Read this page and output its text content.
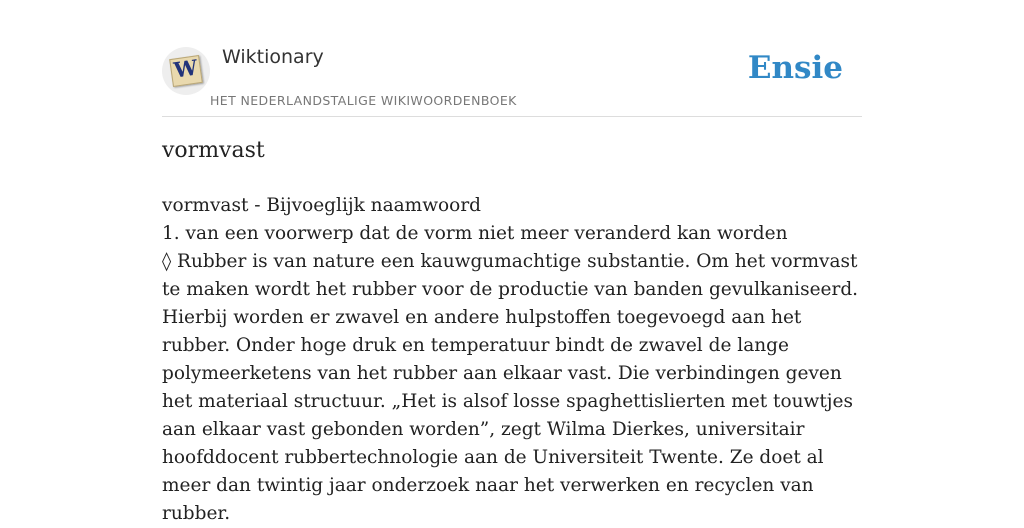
W Wiktionary
HET NEDERLANDSTALIGE WIKIWOORDENBOEK
Ensie
vormvast

vormvast - Bijvoeglijk naamwoord

1. van een voorwerp dat de vorm niet meer veranderd kan worden

◊ Rubber is van nature een kauwgumachtige substantie. Om het vormvast te maken wordt het rubber voor de productie van banden gevulkaniseerd. Hierbij worden er zwavel en andere hulpstoffen toegevoegd aan het rubber. Onder hoge druk en temperatuur bindt de zwavel de lange polymeerketens van het rubber aan elkaar vast. Die verbindingen geven het materiaal structuur. „Het is alsof losse spaghettislierten met touwtjes aan elkaar vast gebonden worden”, zegt Wilma Dierkes, universitair hoofddocent rubbertechnologie aan de Universiteit Twente. Ze doet al meer dan twintig jaar onderzoek naar het verwerken en recyclen van rubber.
